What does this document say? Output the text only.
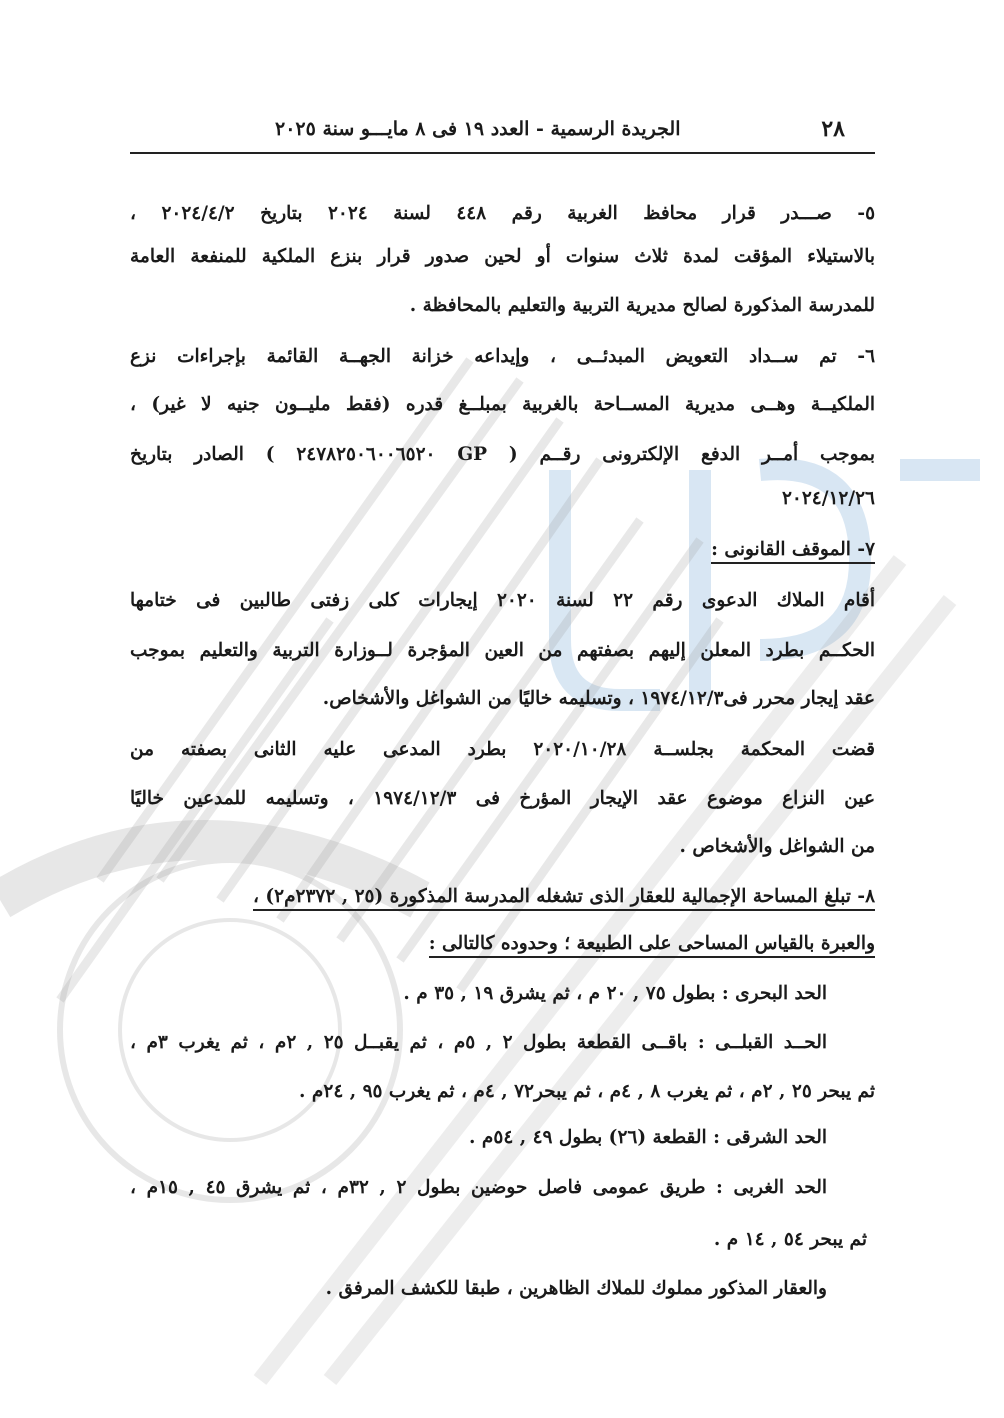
٢٨
الجريدة الرسمية - العدد ١٩ فى ٨ مايـــو سنة ٢٠٢٥
٥- صـــدر قرار محافظ الغربية رقم ٤٤٨ لسنة ٢٠٢٤ بتاريخ ٢٠٢٤/٤/٢ ،
بالاستيلاء المؤقت لمدة ثلاث سنوات أو لحين صدور قرار بنزع الملكية للمنفعة العامة
للمدرسة المذكورة لصالح مديرية التربية والتعليم بالمحافظة .
٦- تم ســداد التعويض المبدئــى ، وإيداعه خزانة الجهــة القائمة بإجراءات نزع
الملكيــة وهــى مديرية المســاحة بالغربية بمبلــغ قدره (فقط مليــون جنيه لا غير) ،
بموجب أمــر الدفع الإلكترونى رقــم ( GP ٢٤٧٨٢٥٠٦٠٠٦٥٢٠ ) الصادر بتاريخ
٢٠٢٤/١٢/٢٦
٧- الموقف القانونى :
أقام الملاك الدعوى رقم ٢٢ لسنة ٢٠٢٠ إيجارات كلى زفتى طالبين فى ختامها
الحكــم بطرد المعلن إليهم بصفتهم من العين المؤجرة لــوزارة التربية والتعليم بموجب
عقد إيجار محرر فى١٩٧٤/١٢/٣ ، وتسليمه خاليًا من الشواغل والأشخاص.
قضت المحكمة بجلســة ٢٠٢٠/١٠/٢٨ بطرد المدعى عليه الثانى بصفته من
عين النزاع موضوع عقد الإيجار المؤرخ فى ١٩٧٤/١٢/٣ ، وتسليمه للمدعين خاليًا
من الشواغل والأشخاص .
٨- تبلغ المساحة الإجمالية للعقار الذى تشغله المدرسة المذكورة (٢٥ , ٢٣٧٢م٢) ،
والعبرة بالقياس المساحى على الطبيعة ؛ وحدوده كالتالى :
الحد البحرى : بطول ٧٥ , ٢٠ م ، ثم يشرق ١٩ , ٣٥ م .
الحــد القبلــى : باقــى القطعة بطول ٢ , ٥م ، ثم يقبــل ٢٥ , ٢م ، ثم يغرب ٣م ،
ثم يبحر ٢٥ , ٢م ، ثم يغرب ٨ , ٤م ، ثم يبحر٧٢ , ٤م ، ثم يغرب ٩٥ , ٢٤م .
الحد الشرقى : القطعة (٢٦) بطول ٤٩ , ٥٤م .
الحد الغربى : طريق عمومى فاصل حوضين بطول ٢ , ٣٢م ، ثم يشرق ٤٥ , ١٥م ،
ثم يبحر ٥٤ , ١٤ م .
والعقار المذكور مملوك للملاك الظاهرين ، طبقا للكشف المرفق .
